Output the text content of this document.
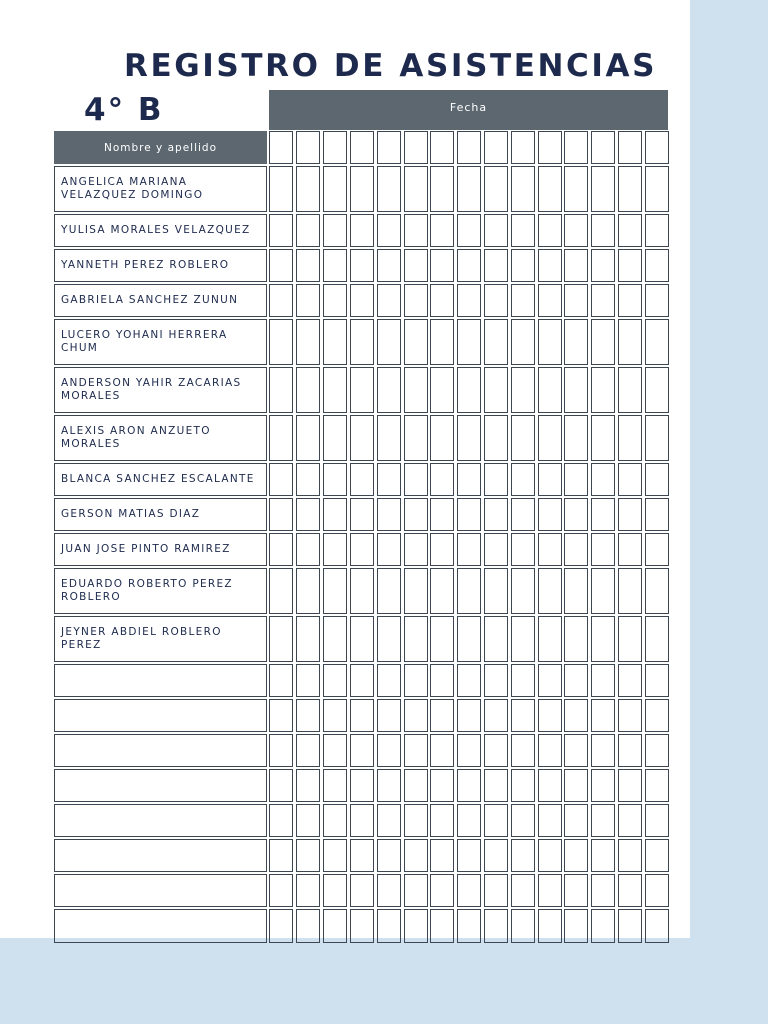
REGISTRO DE ASISTENCIAS
4° B	Fecha
Nombre y apellido
ANGELICA MARIANA VELAZQUEZ DOMINGO
YULISA MORALES VELAZQUEZ
YANNETH PEREZ ROBLERO
GABRIELA SANCHEZ ZUNUN
LUCERO YOHANI HERRERA CHUM
ANDERSON YAHIR ZACARIAS MORALES
ALEXIS ARON ANZUETO MORALES
BLANCA SANCHEZ ESCALANTE
GERSON MATIAS DIAZ
JUAN JOSE PINTO RAMIREZ
EDUARDO ROBERTO PEREZ ROBLERO
JEYNER ABDIEL ROBLERO PEREZ
